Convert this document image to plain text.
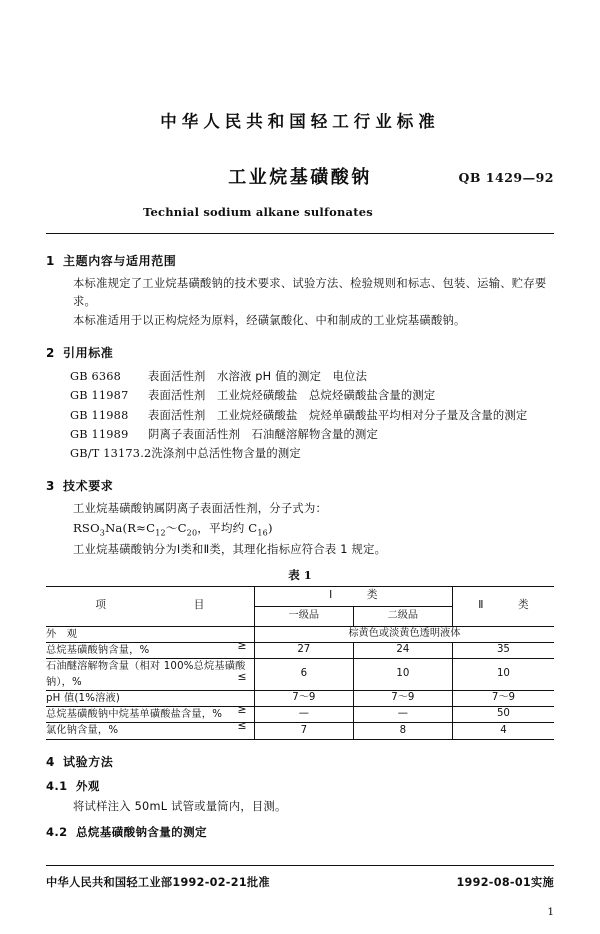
中华人民共和国轻工行业标准
工业烷基磺酸钠	QB 1429—92
Technial sodium alkane sulfonates
1 主题内容与适用范围

本标准规定了工业烷基磺酸钠的技术要求、试验方法、检验规则和标志、包装、运输、贮存要求。

本标准适用于以正构烷烃为原料，经磺氯酸化、中和制成的工业烷基磺酸钠。

2 引用标准
GB 6368 表面活性剂　水溶液 pH 值的测定　电位法
GB 11987 表面活性剂　工业烷烃磺酸盐　总烷烃磺酸盐含量的测定
GB 11988 表面活性剂　工业烷烃磺酸盐　烷烃单磺酸盐平均相对分子量及含量的测定
GB 11989 阴离子表面活性剂　石油醚溶解物含量的测定
GB/T 13173.2洗涤剂中总活性物含量的测定
3 技术要求

工业烷基磺酸钠属阴离子表面活性剂，分子式为：

$RSO_3Na(R\approx C_{12}\sim C_{20}$，平均约 $C_{16}$)

工业烷基磺酸钠分为Ⅰ类和Ⅱ类，其理化指标应符合表 1 规定。

表 1
项　　　目	Ⅰ　类		Ⅱ　类
	一级品	二级品	
外　观	棕黄色或淡黄色透明液体		
总烷基磺酸钠含量，% ≥	27	24	35
石油醚溶解物含量（相对 100%总烷基磺酸钠），% ≤	6	10	10
pH 值(1%溶液)	7～9	7～9	7～9
总烷基磺酸钠中烷基单磺酸盐含量，% ≥	—	—	50
氯化钠含量，% ≤	7	8	4
4 试验方法
4.1 外观

将试样注入 50mL 试管或量筒内，目测。

4.2 总烷基磺酸钠含量的测定
中华人民共和国轻工业部1992-02-21批准	1992-08-01实施
1
